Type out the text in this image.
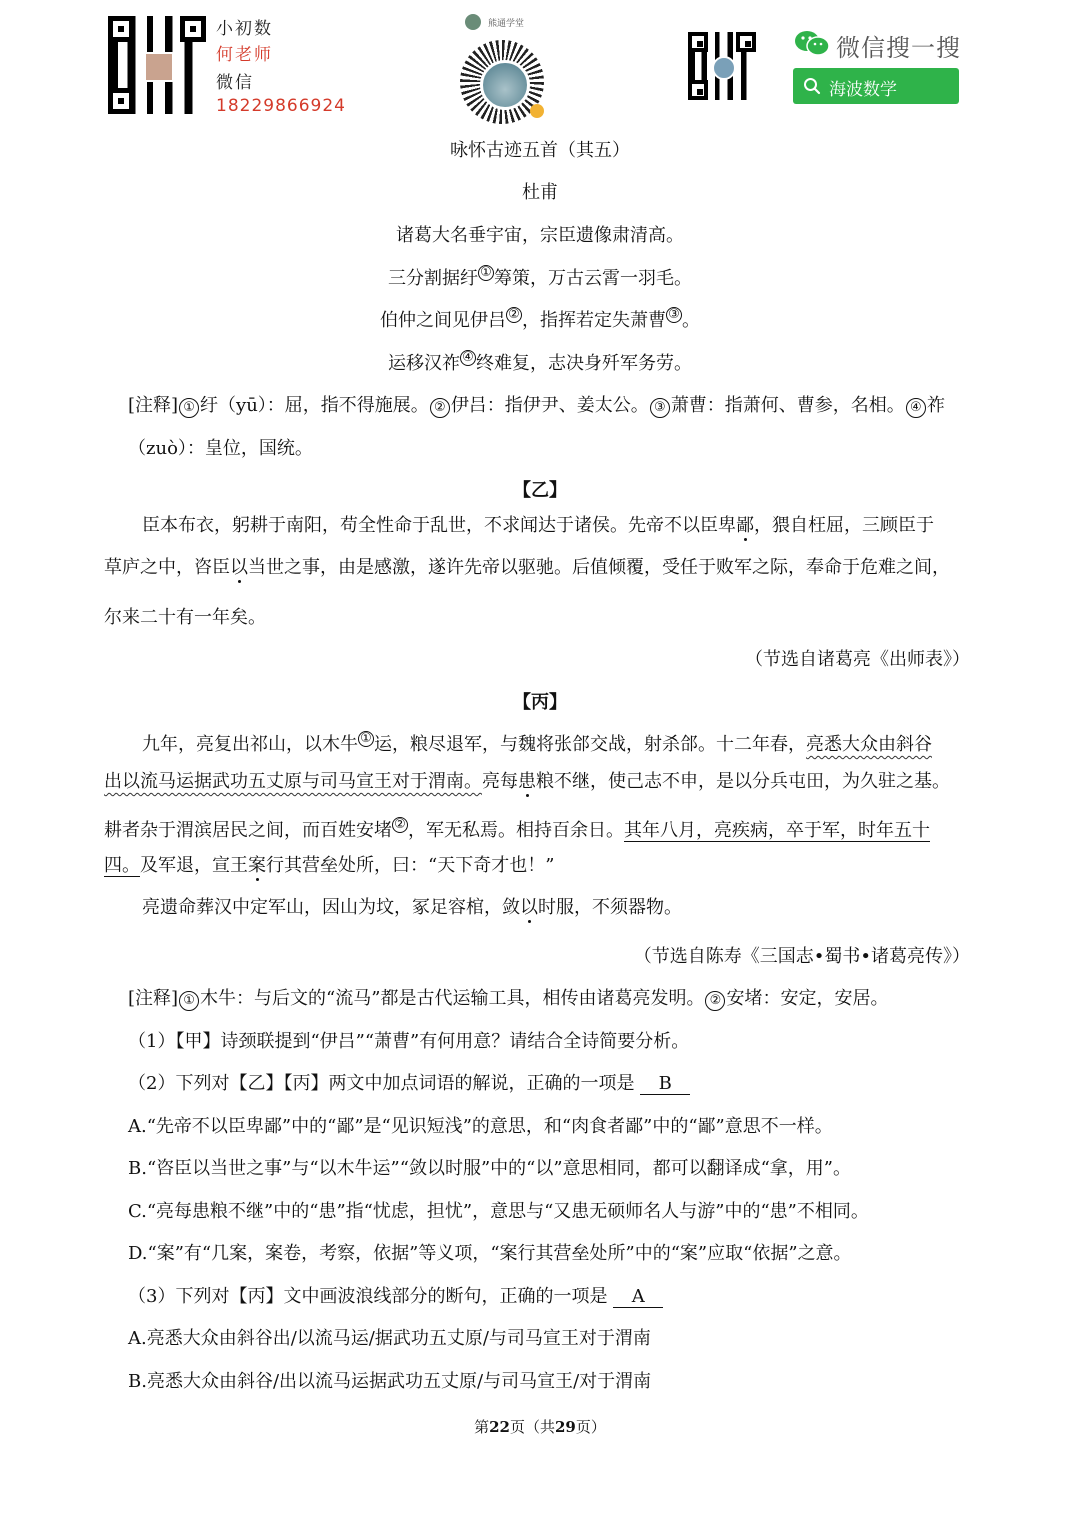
小初数
何老师
微信
18229866924
熊通学堂
微信搜一搜
海波数学
咏怀古迹五首（其五）
杜甫
诸葛大名垂宇宙，宗臣遗像肃清高。
三分割据纡 ① 筹策，万古云霄一羽毛。
伯仲之间见伊吕 ② ，指挥若定失萧曹 ③ 。
运移汉祚 ④ 终难复，志决身歼军务劳。
[注释] ① 纡（yū）：屈，指不得施展。 ② 伊吕：指伊尹、姜太公。 ③ 萧曹：指萧何、曹参，名相。 ④ 祚
（zuò）：皇位，国统。
【乙】
臣本布衣，躬耕于南阳，苟全性命于乱世，不求闻达于诸侯。先帝不以臣卑鄙，猥自枉屈，三顾臣于
草庐之中，咨臣以当世之事，由是感激，遂许先帝以驱驰。后值倾覆，受任于败军之际，奉命于危难之间，
尔来二十有一年矣。
（节选自诸葛亮《出师表》）
【丙】
九年，亮复出祁山，以木牛 ① 运，粮尽退军，与魏将张郃交战，射杀郃。十二年春，亮悉大众由斜谷
出以流马运据武功五丈原与司马宣王对于渭南。亮每患粮不继，使己志不申，是以分兵屯田，为久驻之基。
耕者杂于渭滨居民之间，而百姓安堵 ② ，军无私焉。相持百余日。其年八月，亮疾病，卒于军，时年五十
四。及军退，宣王案行其营垒处所，曰：“天下奇才也！”
亮遗命葬汉中定军山，因山为坟，冢足容棺，敛以时服，不须器物。
（节选自陈寿《三国志•蜀书•诸葛亮传》）
[注释] ① 木牛：与后文的“流马”都是古代运输工具，相传由诸葛亮发明。 ② 安堵：安定，安居。
（1）【甲】诗颈联提到“伊吕”“萧曹”有何用意？请结合全诗简要分析。
（2）下列对【乙】【丙】两文中加点词语的解说，正确的一项是 B
A.“先帝不以臣卑鄙”中的“鄙”是“见识短浅”的意思，和“肉食者鄙”中的“鄙”意思不一样。
B.“咨臣以当世之事”与“以木牛运”“敛以时服”中的“以”意思相同，都可以翻译成“拿，用”。
C.“亮每患粮不继”中的“患”指“忧虑，担忧”，意思与“又患无硕师名人与游”中的“患”不相同。
D.“案”有“几案，案卷，考察，依据”等义项，“案行其营垒处所”中的“案”应取“依据”之意。
（3）下列对【丙】文中画波浪线部分的断句，正确的一项是 A
A.亮悉大众由斜谷出/以流马运/据武功五丈原/与司马宣王对于渭南
B.亮悉大众由斜谷/出以流马运据武功五丈原/与司马宣王/对于渭南
第22页（共29页）
